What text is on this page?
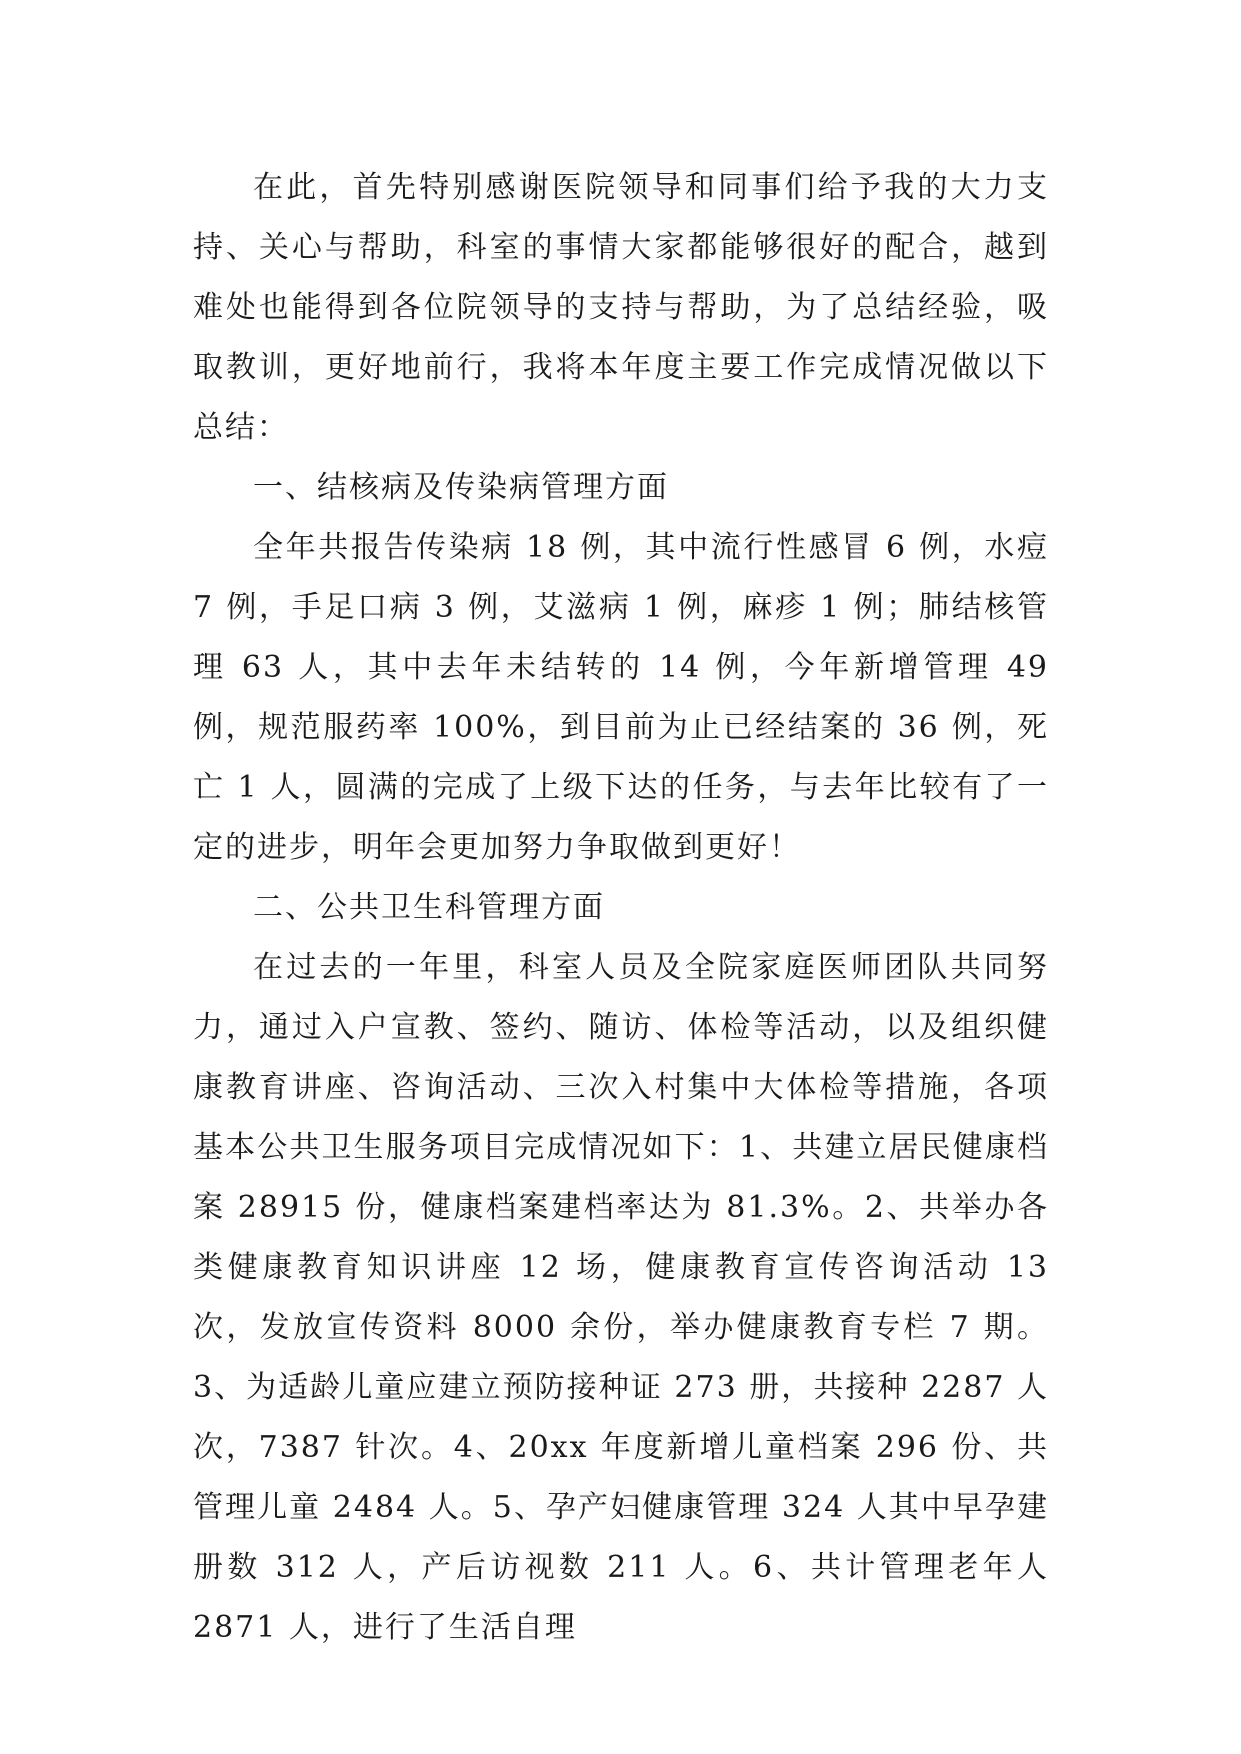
在此，首先特别感谢医院领导和同事们给予我的大力支持、关心与帮助，科室的事情大家都能够很好的配合，越到难处也能得到各位院领导的支持与帮助，为了总结经验，吸取教训，更好地前行，我将本年度主要工作完成情况做以下总结：

一、结核病及传染病管理方面

全年共报告传染病 18 例，其中流行性感冒 6 例，水痘 7 例，手足口病 3 例，艾滋病 1 例，麻疹 1 例；肺结核管理 63 人，其中去年未结转的 14 例，今年新增管理 49 例，规范服药率 100%，到目前为止已经结案的 36 例，死亡 1 人，圆满的完成了上级下达的任务，与去年比较有了一定的进步，明年会更加努力争取做到更好！

二、公共卫生科管理方面

在过去的一年里，科室人员及全院家庭医师团队共同努力，通过入户宣教、签约、随访、体检等活动，以及组织健康教育讲座、咨询活动、三次入村集中大体检等措施，各项基本公共卫生服务项目完成情况如下：1、共建立居民健康档案 28915 份，健康档案建档率达为 81.3%。2、共举办各类健康教育知识讲座 12 场，健康教育宣传咨询活动 13 次，发放宣传资料 8000 余份，举办健康教育专栏 7 期。3、为适龄儿童应建立预防接种证 273 册，共接种 2287 人次，7387 针次。4、20xx 年度新增儿童档案 296 份、共管理儿童 2484 人。5、孕产妇健康管理 324 人其中早孕建册数 312 人，产后访视数 211 人。6、共计管理老年人 2871 人，进行了生活自理
